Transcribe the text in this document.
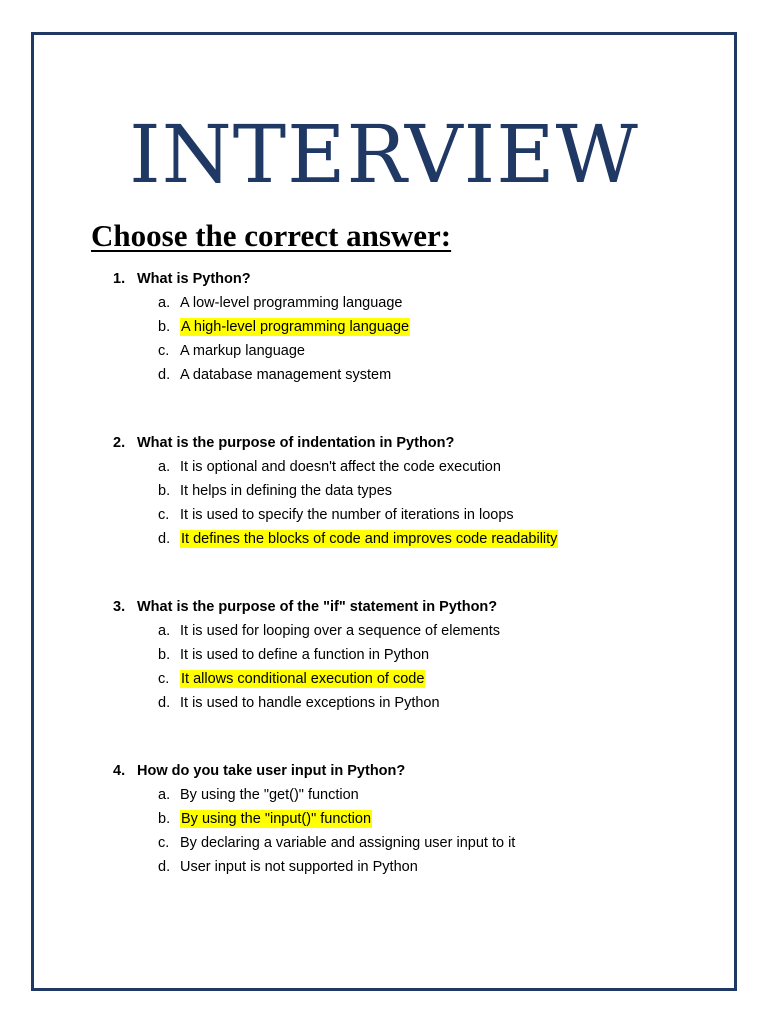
INTERVIEW
Choose the correct answer:
1. What is Python?
a. A low-level programming language
b. A high-level programming language
c. A markup language
d. A database management system
2. What is the purpose of indentation in Python?
a. It is optional and doesn't affect the code execution
b. It helps in defining the data types
c. It is used to specify the number of iterations in loops
d. It defines the blocks of code and improves code readability
3. What is the purpose of the "if" statement in Python?
a. It is used for looping over a sequence of elements
b. It is used to define a function in Python
c. It allows conditional execution of code
d. It is used to handle exceptions in Python
4. How do you take user input in Python?
a. By using the "get()" function
b. By using the "input()" function
c. By declaring a variable and assigning user input to it
d. User input is not supported in Python
